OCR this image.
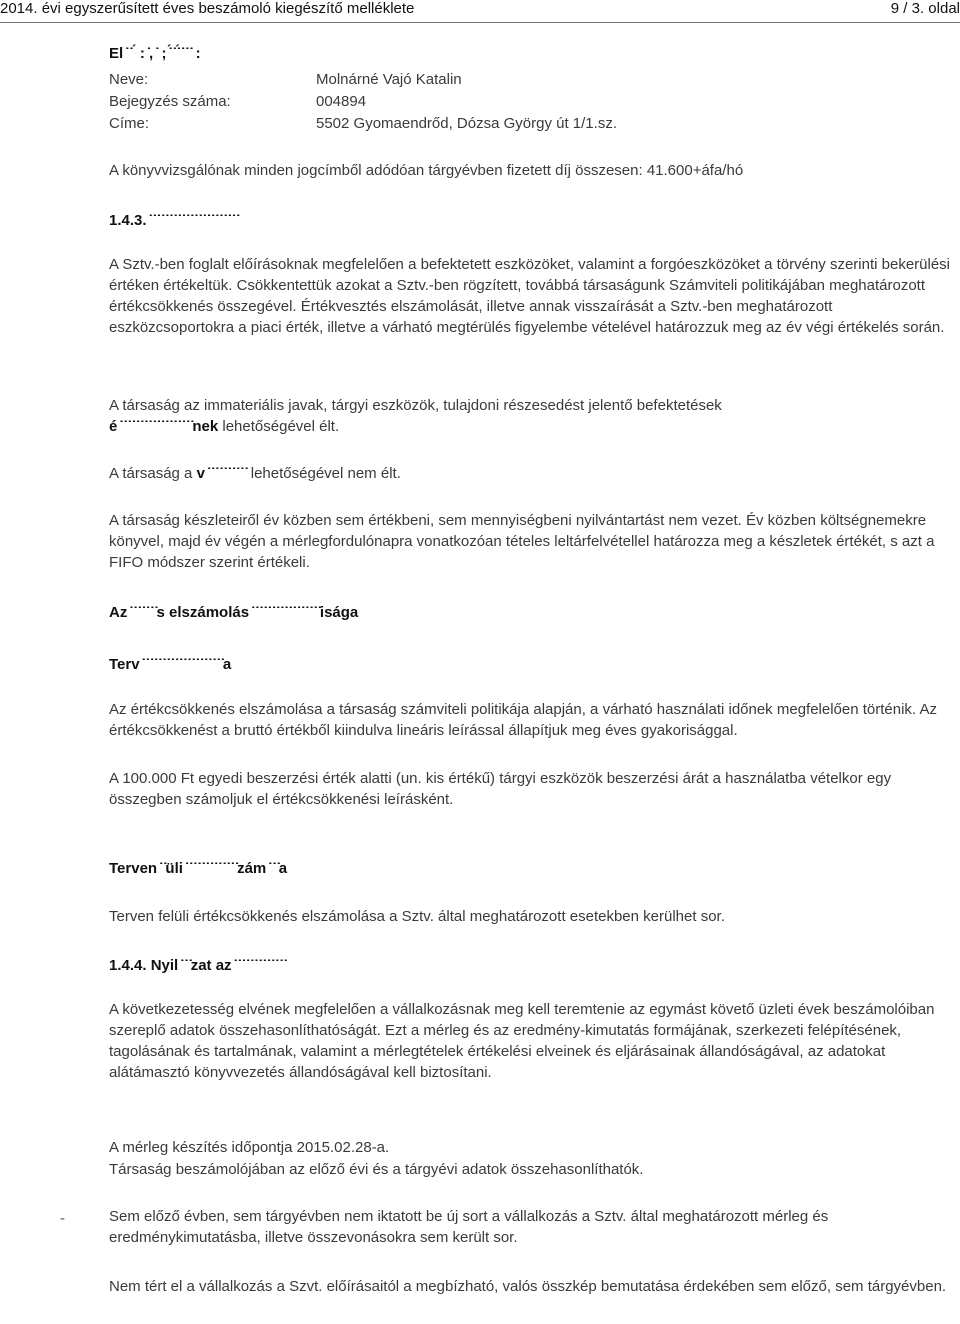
2014. évi egyszerűsített éves beszámoló kiegészítő melléklete	9 / 3. oldal
El ̇ ̇ ́ : ̇, ̇ ; ̇́ ̇ ̇́ ̇ ̇ ̇ :
Neve:	Molnárné Vajó Katalin
Bejegyzés száma:	004894
Címe:	5502 Gyomaendrőd, Dózsa György út 1/1.sz.
A könyvvizsgálónak minden jogcímből adódóan tárgyévben fizetett díj összesen: 41.600+áfa/hó
1.4.3. ̇ ̇ ̇ ̇ ̇ ̇ ̇ ̇ ̇ ̇ ̇ ̇ ̇ ̇ ̇ ̇ ̇ ̇ ̇ ̇ ̇ ̇
A Sztv.-ben foglalt előírásoknak megfelelően a befektetett eszközöket, valamint a forgóeszközöket a törvény szerinti bekerülési értéken értékeltük. Csökkentettük azokat a Sztv.-ben rögzített, továbbá társaságunk Számviteli politikájában meghatározott értékcsökkenés összegével. Értékvesztés elszámolását, illetve annak visszaírását a Sztv.-ben meghatározott eszközcsoportokra a piaci érték, illetve a várható megtérülés figyelembe vételével határozzuk meg az év végi értékelés során.
A társaság az immateriális javak, tárgyi eszközök, tulajdoni részesedést jelentő befektetések
é ̇ ̇ ̇ ̇ ̇ ̇ ̇ ̇ ̇ ̇ ̇ ̇ ̇ ̇ ̇ ̇ ̇ ̇nek lehetőségével élt.
A társaság a v ̇ ̇ ̇ ̇ ̇ ̇ ̇ ̇ ̇ ̇ lehetőségével nem élt.
A társaság készleteiről év közben sem értékbeni, sem mennyiségbeni nyilvántartást nem vezet. Év közben költségnemekre könyvel, majd év végén a mérlegfordulónapra vonatkozóan tételes leltárfelvétellel határozza meg a készletek értékét, s azt a FIFO módszer szerint értékeli.
Az ̇ ̇ ̇ ̇ ̇ ̇ ̇s elszámolás ̇ ̇ ̇ ̇ ̇ ̇ ̇ ̇ ̇ ̇ ̇ ̇ ̇ ̇ ̇ ̇ ̇isága
Terv ̇ ̇ ̇ ̇ ̇ ̇ ̇ ̇ ̇ ̇ ̇ ̇ ̇ ̇ ̇ ̇ ̇ ̇ ̇ ̇a
Az értékcsökkenés elszámolása a társaság számviteli politikája alapján, a várható használati időnek megfelelően történik. Az értékcsökkenést a bruttó értékből kiindulva lineáris leírással állapítjuk meg éves gyakorisággal.
A 100.000 Ft egyedi beszerzési érték alatti (un. kis értékű) tárgyi eszközök beszerzési árát a használatba vételkor egy összegben számoljuk el értékcsökkenési leírásként.
Terven ̇ ̇üli ̇ ̇ ̇ ̇ ̇ ̇ ̇ ̇ ̇ ̇ ̇ ̇ ̇zám ̇ ̇ ̇a
Terven felüli értékcsökkenés elszámolása a Sztv. által meghatározott esetekben kerülhet sor.
1.4.4. Nyil ̇ ̇ ̇zat az ̇ ̇ ̇ ̇ ̇ ̇ ̇ ̇ ̇ ̇ ̇ ̇ ̇
A következetesség elvének megfelelően a vállalkozásnak meg kell teremtenie az egymást követő üzleti évek beszámolóiban szereplő adatok összehasonlíthatóságát. Ezt a mérleg és az eredmény-kimutatás formájának, szerkezeti felépítésének, tagolásának és tartalmának, valamint a mérlegtételek értékelési elveinek és eljárásainak állandóságával, az adatokat alátámasztó könyvvezetés állandóságával kell biztosítani.
A mérleg készítés időpontja 2015.02.28-a.
Társaság beszámolójában az előző évi és a tárgyévi adatok összehasonlíthatók.
-	Sem előző évben, sem tárgyévben nem iktatott be új sort a vállalkozás a Sztv. által meghatározott mérleg és eredménykimutatásba, illetve összevonásokra sem került sor.
Nem tért el a vállalkozás a Szvt. előírásaitól a megbízható, valós összkép bemutatása érdekében sem előző, sem tárgyévben.
